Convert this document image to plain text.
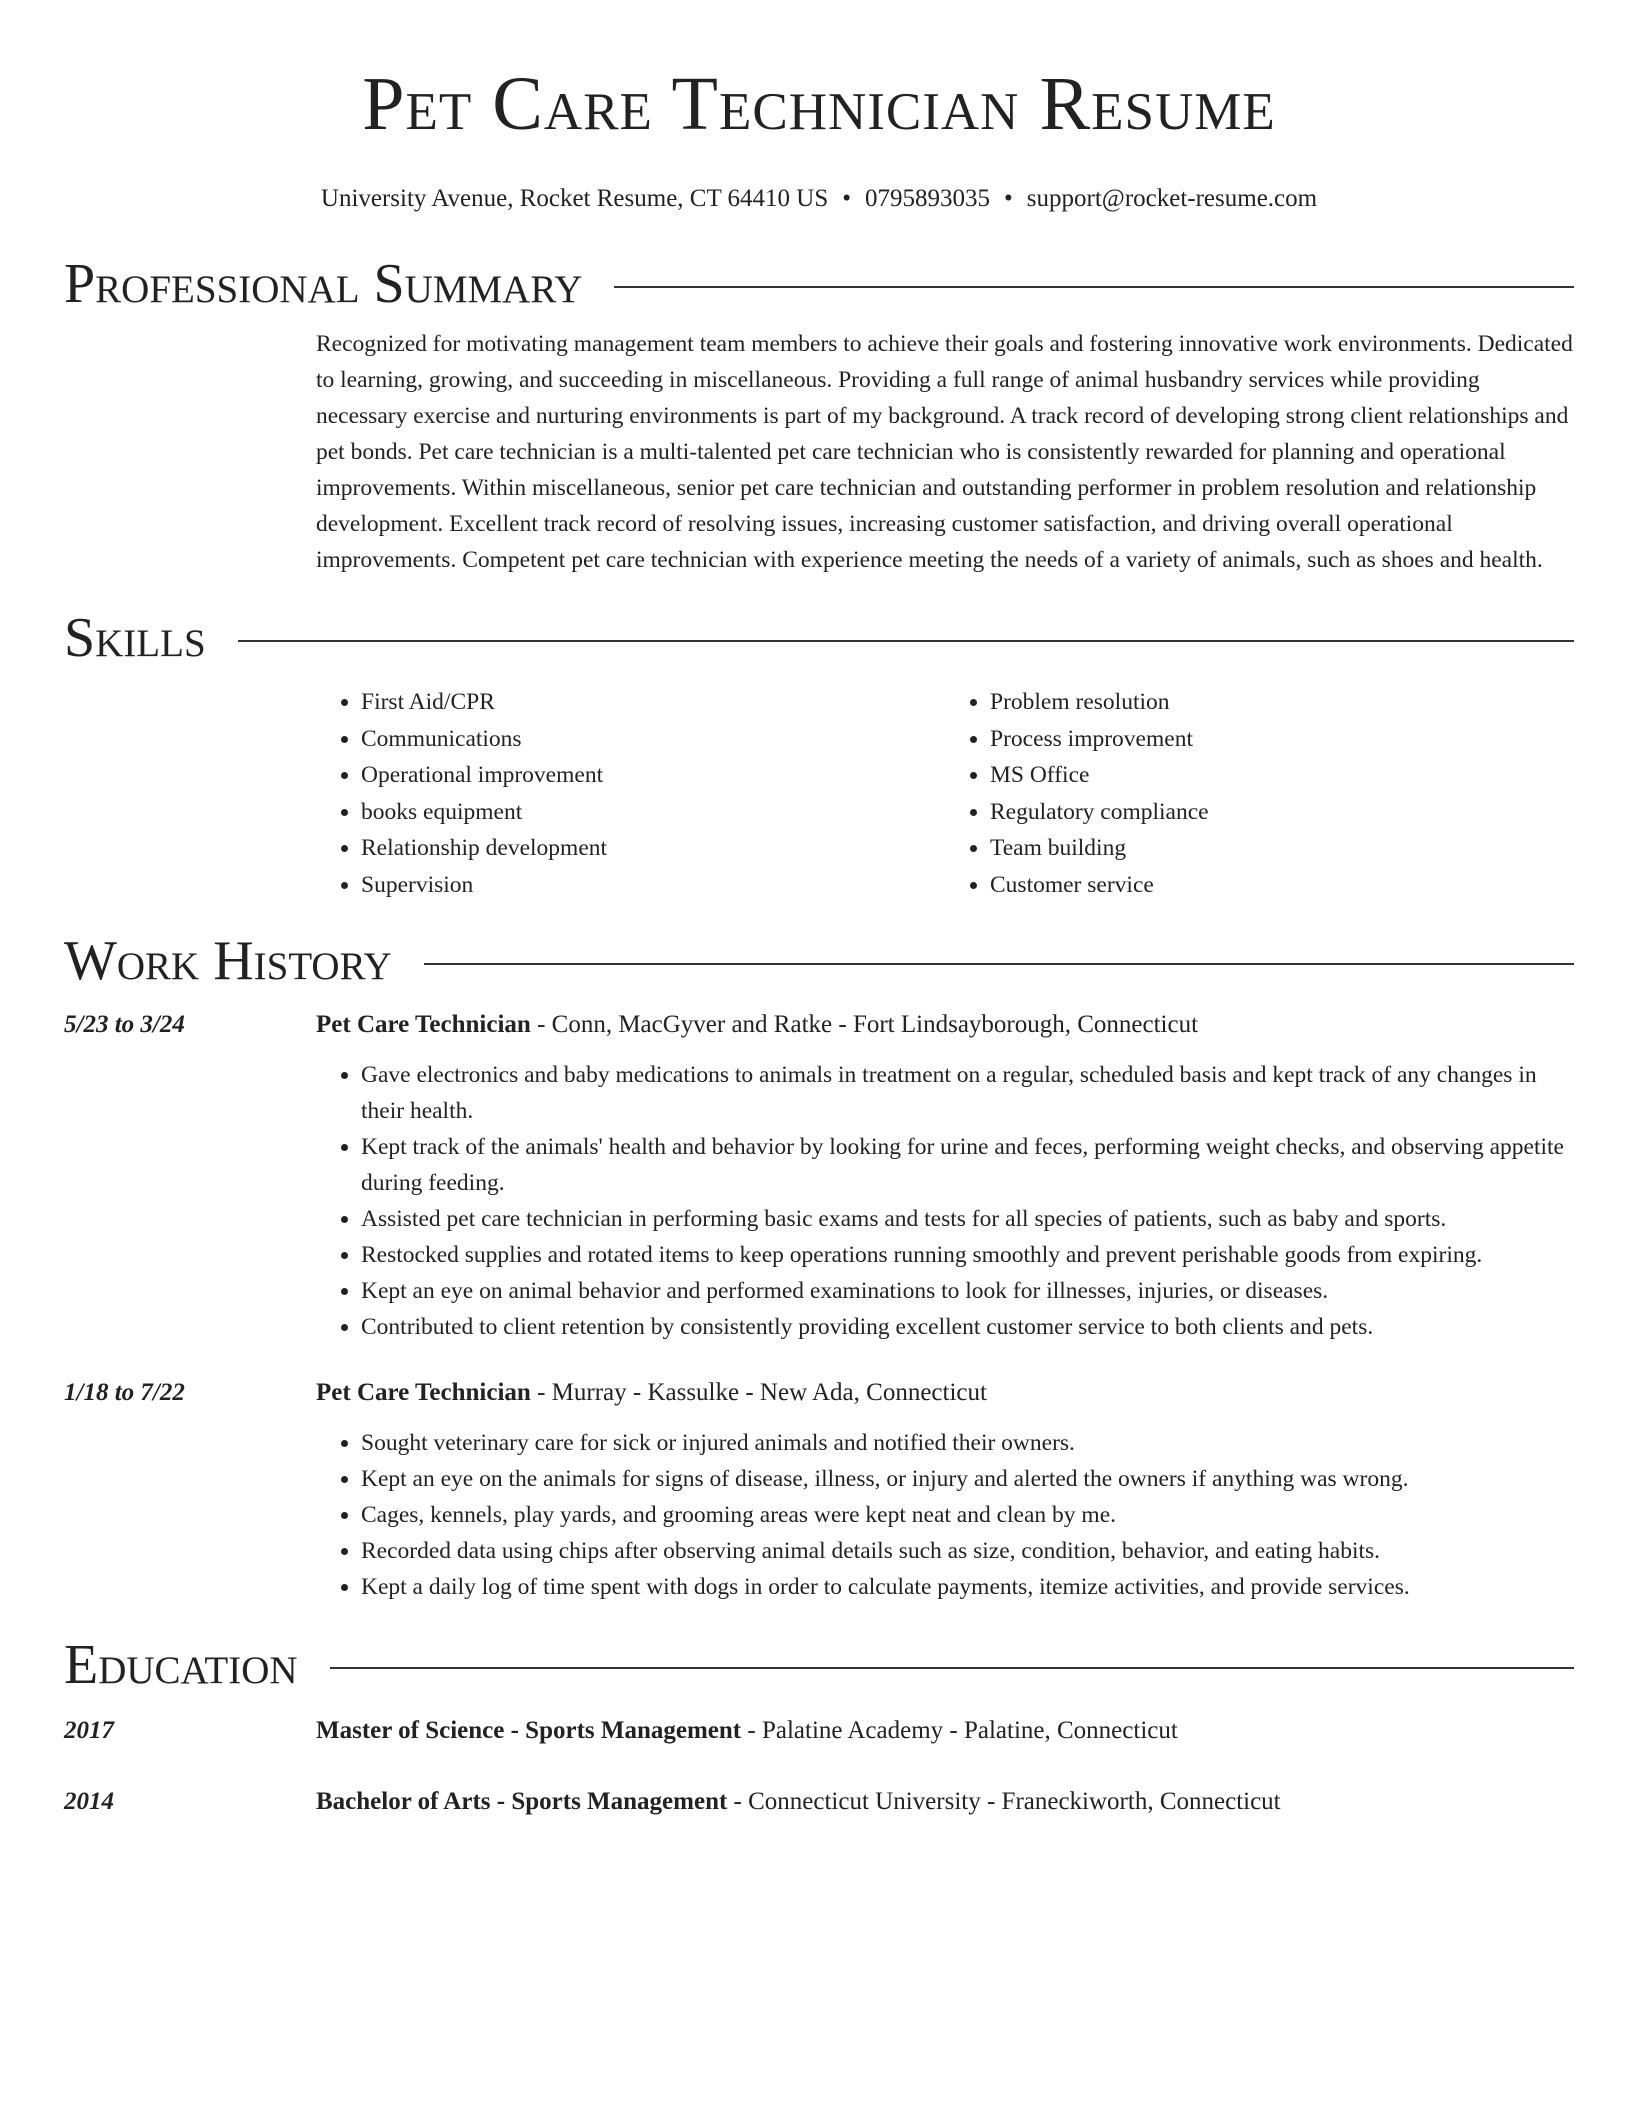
Pet Care Technician Resume
University Avenue, Rocket Resume, CT 64410 US • 0795893035 • support@rocket-resume.com
Professional Summary

Recognized for motivating management team members to achieve their goals and fostering innovative work environments. Dedicated to learning, growing, and succeeding in miscellaneous. Providing a full range of animal husbandry services while providing necessary exercise and nurturing environments is part of my background. A track record of developing strong client relationships and pet bonds. Pet care technician is a multi-talented pet care technician who is consistently rewarded for planning and operational improvements. Within miscellaneous, senior pet care technician and outstanding performer in problem resolution and relationship development. Excellent track record of resolving issues, increasing customer satisfaction, and driving overall operational improvements. Competent pet care technician with experience meeting the needs of a variety of animals, such as shoes and health.

Skills
• First Aid/CPR
• Communications
• Operational improvement
• books equipment
• Relationship development
• Supervision
• Problem resolution
• Process improvement
• MS Office
• Regulatory compliance
• Team building
• Customer service
Work History
5/23 to 3/24	Pet Care Technician - Conn, MacGyver and Ratke - Fort Lindsayborough, Connecticut
• Gave electronics and baby medications to animals in treatment on a regular, scheduled basis and kept track of any changes in their health.
• Kept track of the animals' health and behavior by looking for urine and feces, performing weight checks, and observing appetite during feeding.
• Assisted pet care technician in performing basic exams and tests for all species of patients, such as baby and sports.
• Restocked supplies and rotated items to keep operations running smoothly and prevent perishable goods from expiring.
• Kept an eye on animal behavior and performed examinations to look for illnesses, injuries, or diseases.
• Contributed to client retention by consistently providing excellent customer service to both clients and pets.
1/18 to 7/22	Pet Care Technician - Murray - Kassulke - New Ada, Connecticut
• Sought veterinary care for sick or injured animals and notified their owners.
• Kept an eye on the animals for signs of disease, illness, or injury and alerted the owners if anything was wrong.
• Cages, kennels, play yards, and grooming areas were kept neat and clean by me.
• Recorded data using chips after observing animal details such as size, condition, behavior, and eating habits.
• Kept a daily log of time spent with dogs in order to calculate payments, itemize activities, and provide services.
Education
2017	Master of Science - Sports Management - Palatine Academy - Palatine, Connecticut
2014	Bachelor of Arts - Sports Management - Connecticut University - Franeckiworth, Connecticut
